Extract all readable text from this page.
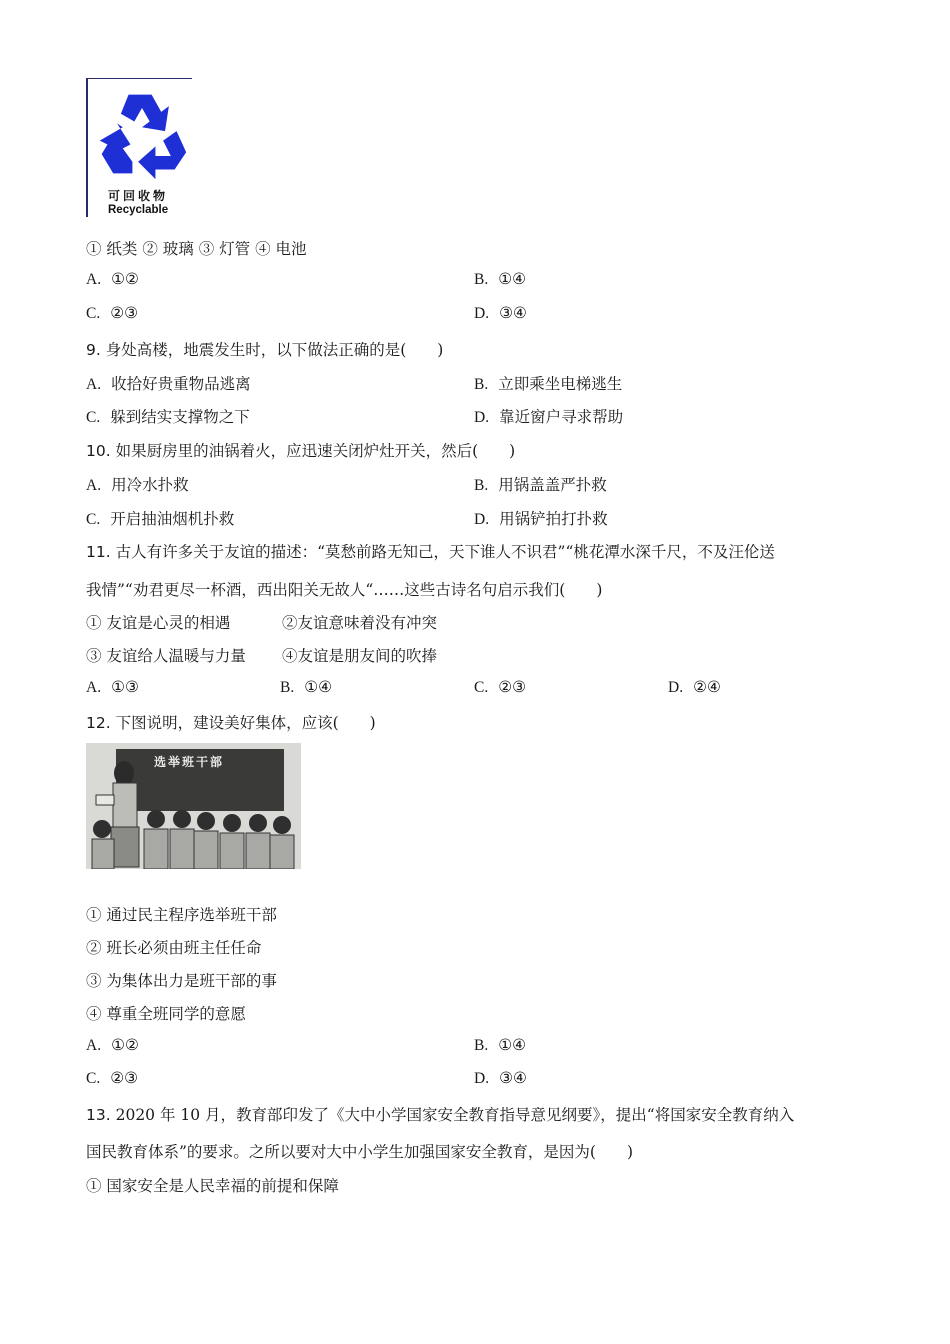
可回收物
Recyclable
① 纸类 ② 玻璃 ③ 灯管 ④ 电池
A. ①②	B. ①④
C. ②③	D. ③④
9. 身处高楼，地震发生时，以下做法正确的是(　　)
A. 收拾好贵重物品逃离	B. 立即乘坐电梯逃生
C. 躲到结实支撑物之下	D. 靠近窗户寻求帮助
10. 如果厨房里的油锅着火，应迅速关闭炉灶开关，然后(　　)
A. 用冷水扑救	B. 用锅盖盖严扑救
C. 开启抽油烟机扑救	D. 用锅铲拍打扑救
11. 古人有许多关于友谊的描述：“莫愁前路无知己，天下谁人不识君”“桃花潭水深千尺，不及汪伦送
我情”“劝君更尽一杯酒，西出阳关无故人“……这些古诗名句启示我们(　　)
① 友谊是心灵的相遇	②友谊意味着没有冲突
③ 友谊给人温暖与力量 ④友谊是朋友间的吹捧
A. ①③	B. ①④	C. ②③	D. ②④
12. 下图说明，建设美好集体，应该(　　)
选举班干部
① 通过民主程序选举班干部
② 班长必须由班主任任命
③ 为集体出力是班干部的事
④ 尊重全班同学的意愿
A. ①②	B. ①④
C. ②③	D. ③④
13. 2020 年 10 月，教育部印发了《大中小学国家安全教育指导意见纲要》，提出“将国家安全教育纳入
国民教育体系”的要求。之所以要对大中小学生加强国家安全教育，是因为(　　)
① 国家安全是人民幸福的前提和保障
